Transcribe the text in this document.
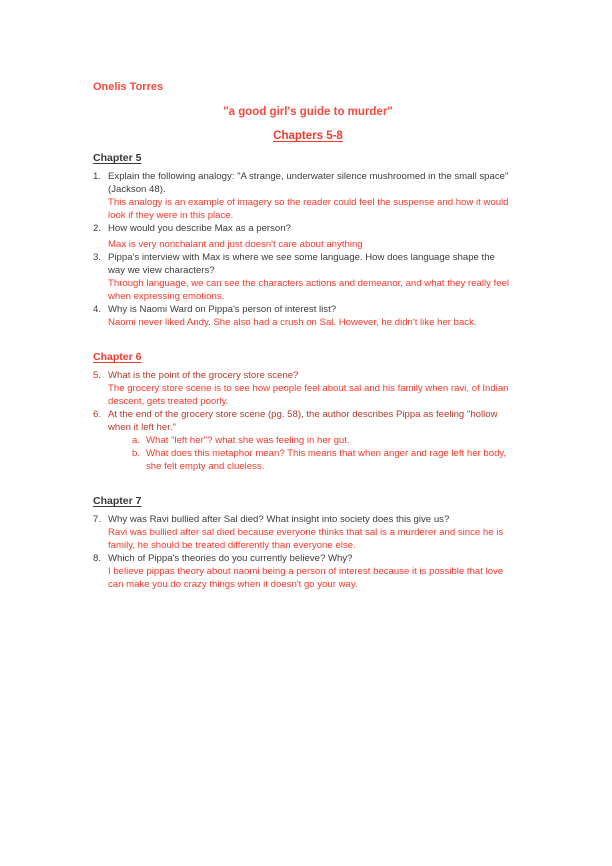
Onelis Torres
"a good girl's guide to murder"
Chapters 5-8
Chapter 5
1. Explain the following analogy: "A strange, underwater silence mushroomed in the small space" (Jackson 48).

This analogy is an example of imagery so the reader could feel the suspense and how it would look if they were in this place.

2. How would you describe Max as a person?

Max is very nonchalant and just doesn't care about anything

3. Pippa's interview with Max is where we see some language. How does language shape the way we view characters?

Through language, we can see the characters actions and demeanor, and what they really feel when expressing emotions.

4. Why is Naomi Ward on Pippa's person of interest list?

Naomi never liked Andy. She also had a crush on Sal. However, he didn't like her back.

Chapter 6
5. What is the point of the grocery store scene?

The grocery store scene is to see how people feel about sal and his family when ravi, of Indian descent, gets treated poorly.

6. At the end of the grocery store scene (pg. 58), the author describes Pippa as feeling "hollow when it left her."

a. What "left her"? what she was feeling in her gut.

b. What does this metaphor mean? This means that when anger and rage left her body, she felt empty and clueless.

Chapter 7
7. Why was Ravi bullied after Sal died? What insight into society does this give us?

Ravi was bullied after sal died because everyone thinks that sal is a murderer and since he is family, he should be treated differently than everyone else.

8. Which of Pippa's theories do you currently believe? Why?

I believe pippas theory about naomi being a person of interest because it is possible that love can make you do crazy things when it doesn't go your way.
